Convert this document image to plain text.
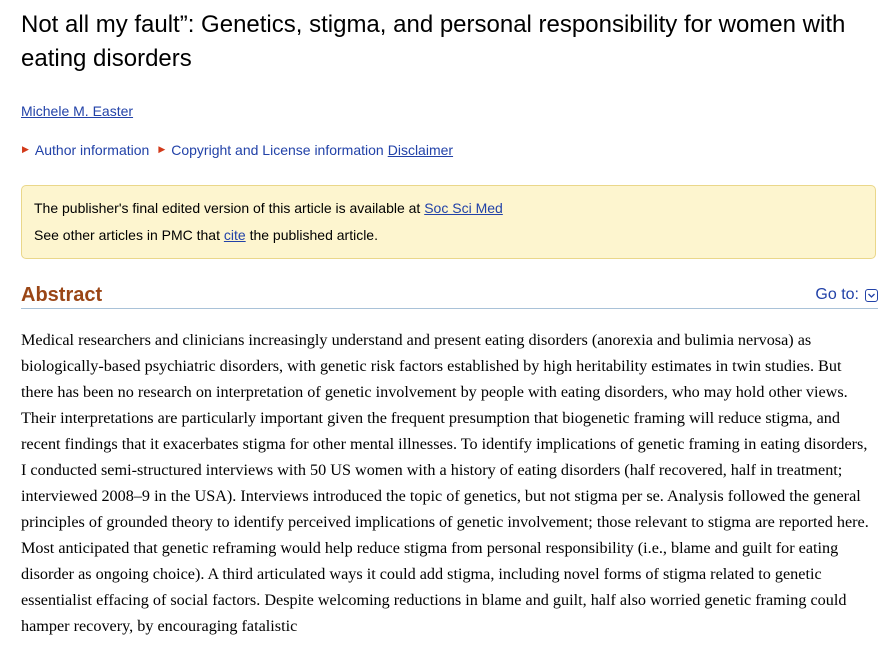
Not all my fault”: Genetics, stigma, and personal responsibility for women with eating disorders
Michele M. Easter
▶ Author information ▶ Copyright and License information Disclaimer
The publisher's final edited version of this article is available at Soc Sci Med
See other articles in PMC that cite the published article.
Abstract	Go to:
Medical researchers and clinicians increasingly understand and present eating disorders (anorexia and bulimia nervosa) as biologically-based psychiatric disorders, with genetic risk factors established by high heritability estimates in twin studies. But there has been no research on interpretation of genetic involvement by people with eating disorders, who may hold other views. Their interpretations are particularly important given the frequent presumption that biogenetic framing will reduce stigma, and recent findings that it exacerbates stigma for other mental illnesses. To identify implications of genetic framing in eating disorders, I conducted semi-structured interviews with 50 US women with a history of eating disorders (half recovered, half in treatment; interviewed 2008–9 in the USA). Interviews introduced the topic of genetics, but not stigma per se. Analysis followed the general principles of grounded theory to identify perceived implications of genetic involvement; those relevant to stigma are reported here. Most anticipated that genetic reframing would help reduce stigma from personal responsibility (i.e., blame and guilt for eating disorder as ongoing choice). A third articulated ways it could add stigma, including novel forms of stigma related to genetic essentialist effacing of social factors. Despite welcoming reductions in blame and guilt, half also worried genetic framing could hamper recovery, by encouraging fatalistic
